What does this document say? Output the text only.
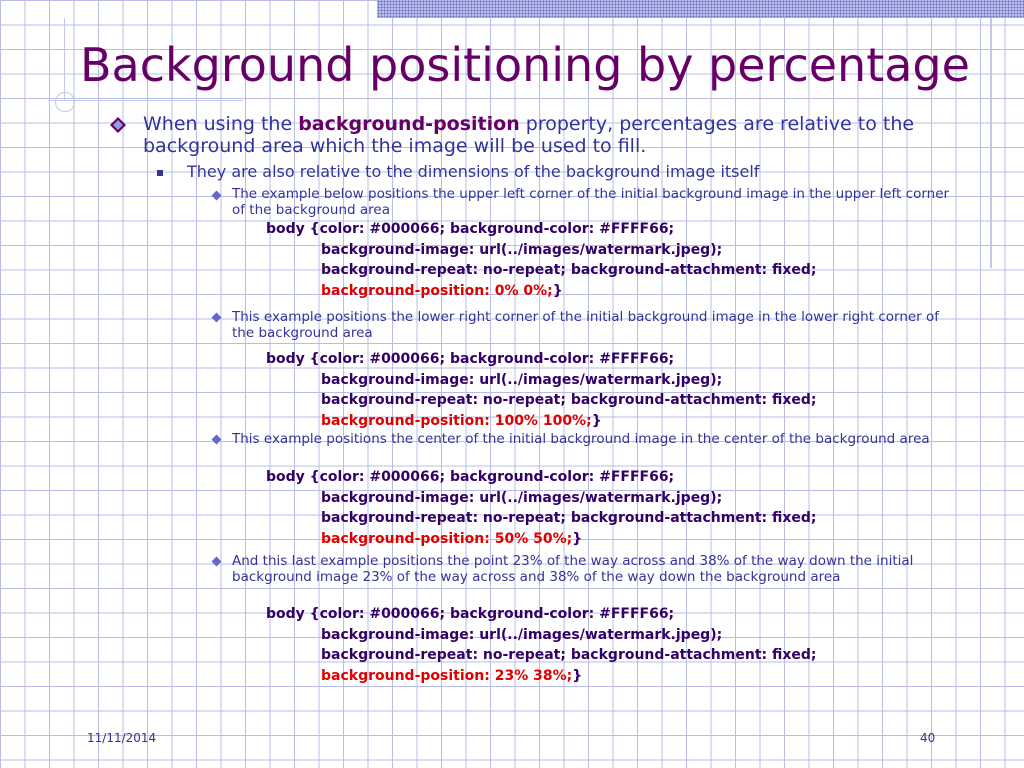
Background positioning by percentage
When using the background-position property, percentages are relative to the background area which the image will be used to fill.
They are also relative to the dimensions of the background image itself
The example below positions the upper left corner of the initial background image in the upper left corner of the background area
body {color: #000066; background-color: #FFFF66;
background-image: url(../images/watermark.jpeg);
background-repeat: no-repeat; background-attachment: fixed;
background-position: 0% 0%;}
This example positions the lower right corner of the initial background image in the lower right corner of the background area
body {color: #000066; background-color: #FFFF66;
background-image: url(../images/watermark.jpeg);
background-repeat: no-repeat; background-attachment: fixed;
background-position: 100% 100%;}
This example positions the center of the initial background image in the center of the background area
body {color: #000066; background-color: #FFFF66;
background-image: url(../images/watermark.jpeg);
background-repeat: no-repeat; background-attachment: fixed;
background-position: 50% 50%;}
And this last example positions the point 23% of the way across and 38% of the way down the initial background image 23% of the way across and 38% of the way down the background area
body {color: #000066; background-color: #FFFF66;
background-image: url(../images/watermark.jpeg);
background-repeat: no-repeat; background-attachment: fixed;
background-position: 23% 38%;}
11/11/2014	40
